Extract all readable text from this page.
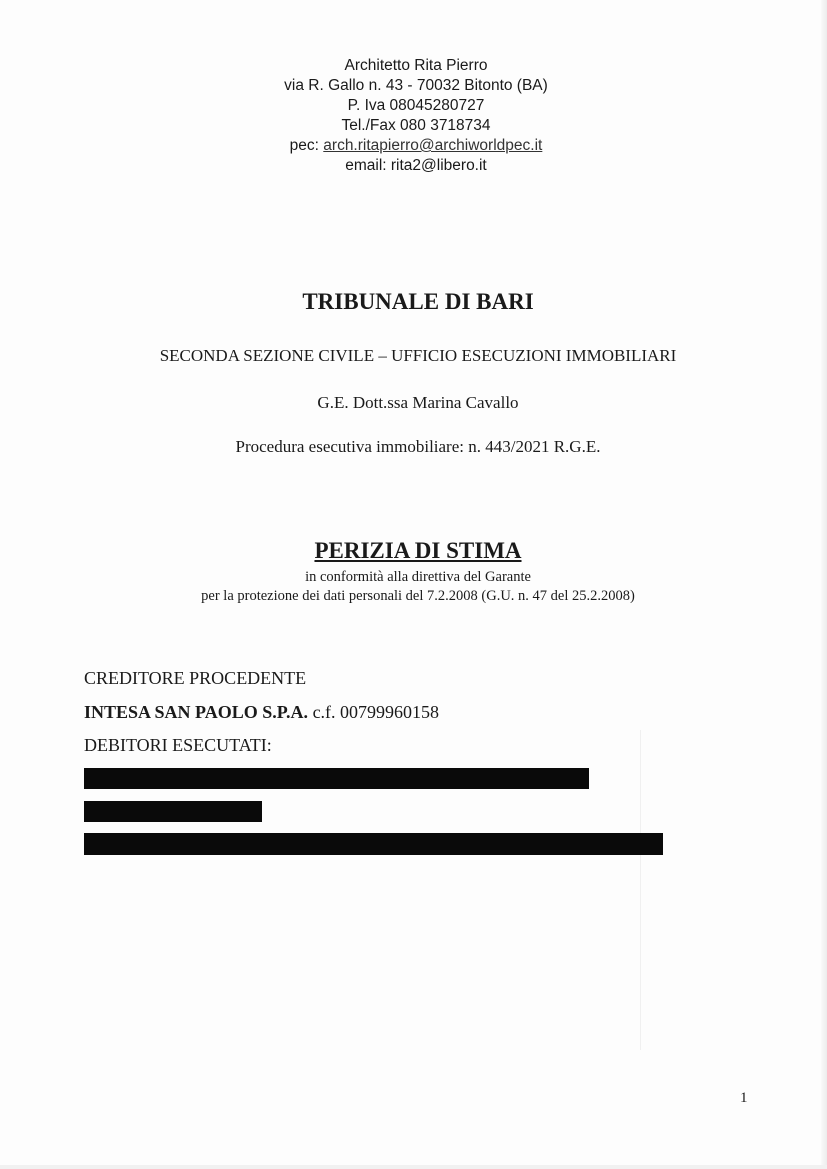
Architetto Rita Pierro
via R. Gallo n. 43 - 70032 Bitonto (BA)
P. Iva 08045280727
Tel./Fax 080 3718734
pec: arch.ritapierro@archiworldpec.it
email: rita2@libero.it
TRIBUNALE DI BARI
SECONDA SEZIONE CIVILE – UFFICIO ESECUZIONI IMMOBILIARI
G.E. Dott.ssa Marina Cavallo
Procedura esecutiva immobiliare: n. 443/2021 R.G.E.
PERIZIA DI STIMA
in conformità alla direttiva del Garante
per la protezione dei dati personali del 7.2.2008 (G.U. n. 47 del 25.2.2008)
CREDITORE PROCEDENTE
INTESA SAN PAOLO S.P.A. c.f. 00799960158
DEBITORI ESECUTATI:
1
